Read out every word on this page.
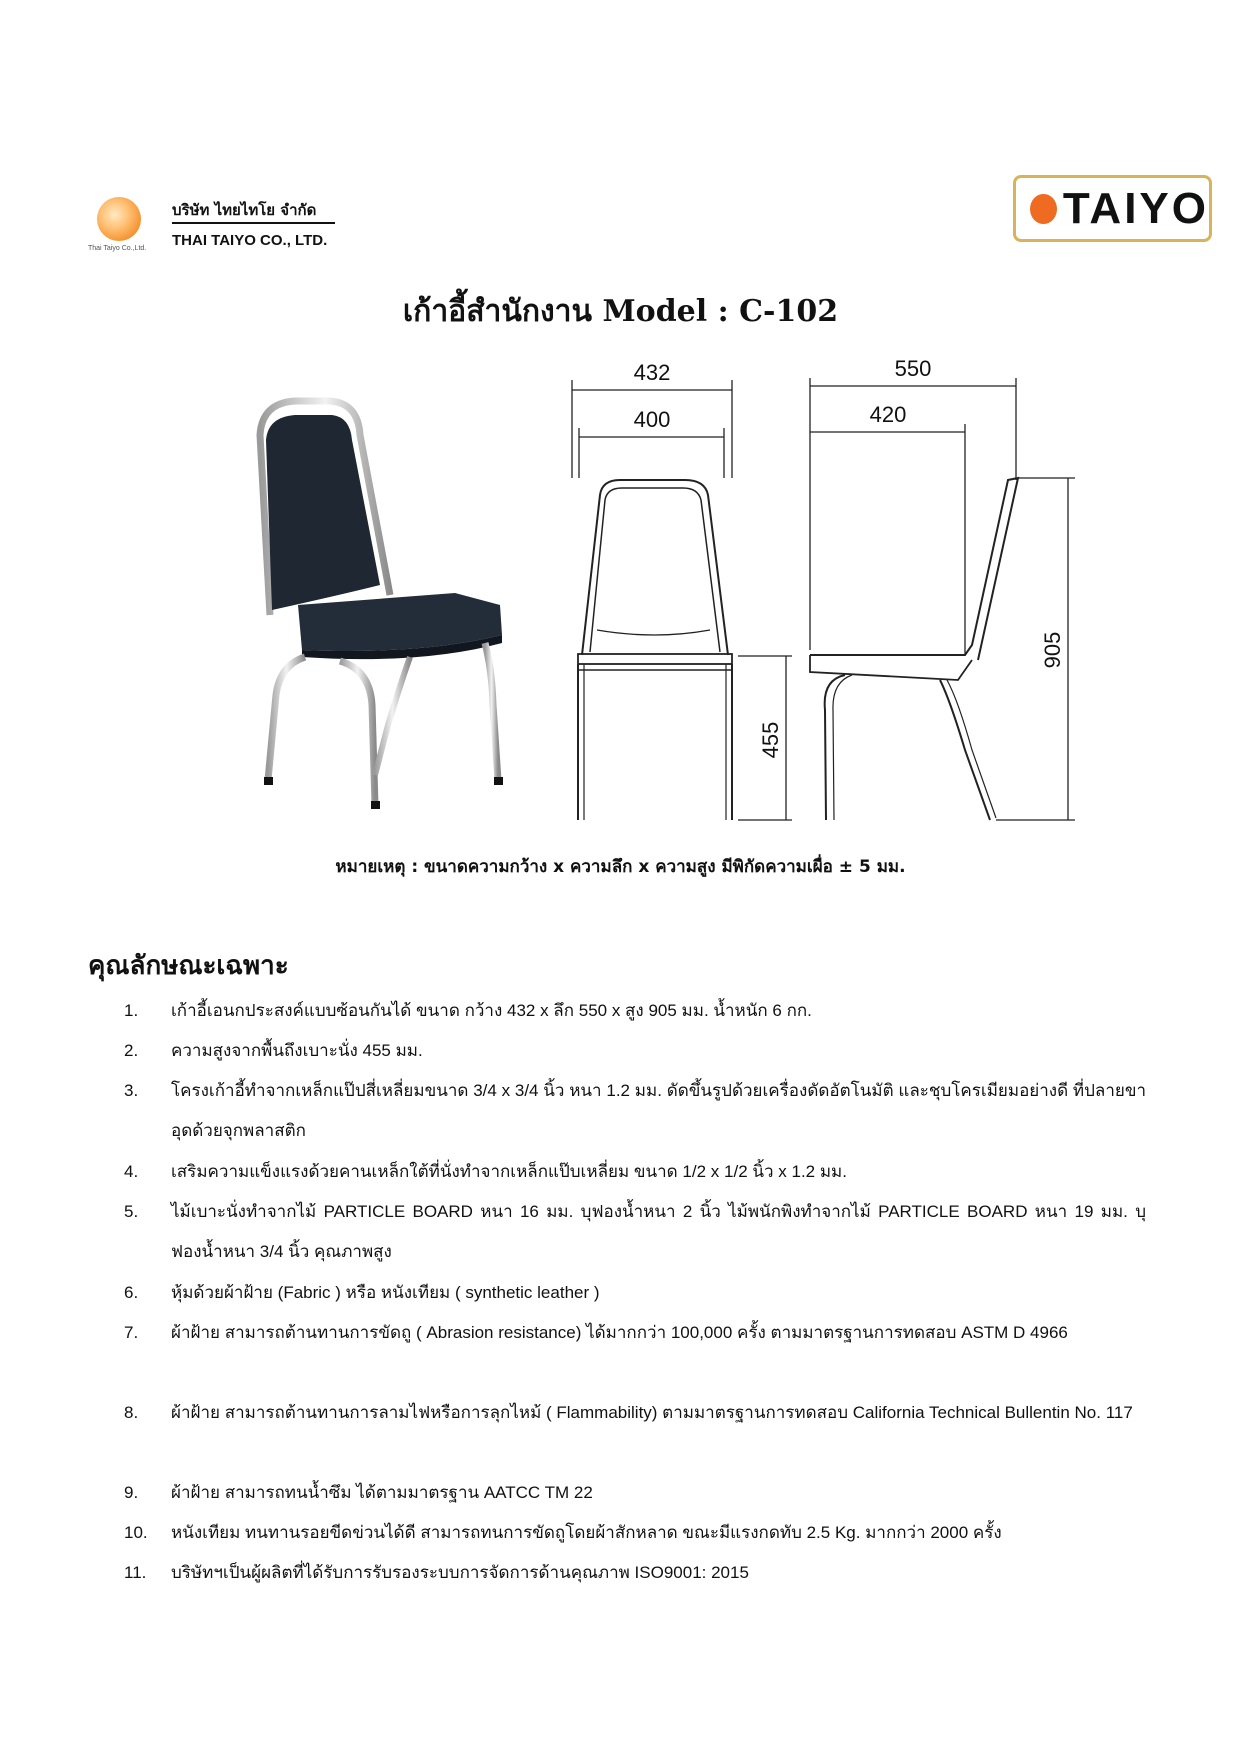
Thai Taiyo Co.,Ltd.
บริษัท ไทยไทโย จำกัด
THAI TAIYO CO., LTD.
TAIYO
เก้าอี้สำนักงาน Model : C-102
432
400
550
420
455
905
หมายเหตุ : ขนาดความกว้าง x ความลึก x ความสูง มีพิกัดความเผื่อ ± 5 มม.
คุณลักษณะเฉพาะ
1.	เก้าอี้เอนกประสงค์แบบซ้อนกันได้ ขนาด กว้าง 432 x ลึก 550 x สูง 905 มม. น้ำหนัก 6 กก.
2.	ความสูงจากพื้นถึงเบาะนั่ง 455 มม.
3.	โครงเก้าอี้ทำจากเหล็กแป๊ปสี่เหลี่ยมขนาด 3/4 x 3/4 นิ้ว หนา 1.2 มม. ดัดขึ้นรูปด้วยเครื่องดัดอัตโนมัติ และชุบโครเมียมอย่างดี ที่ปลายขาอุดด้วยจุกพลาสติก
4.	เสริมความแข็งแรงด้วยคานเหล็กใต้ที่นั่งทำจากเหล็กแป๊บเหลี่ยม ขนาด 1/2 x 1/2 นิ้ว x 1.2 มม.
5.	ไม้เบาะนั่งทำจากไม้ PARTICLE BOARD หนา 16 มม. บุฟองน้ำหนา 2 นิ้ว ไม้พนักพิงทำจากไม้ PARTICLE BOARD หนา 19 มม. บุฟองน้ำหนา 3/4 นิ้ว คุณภาพสูง
6.	หุ้มด้วยผ้าฝ้าย (Fabric ) หรือ หนังเทียม ( synthetic leather )
7.	ผ้าฝ้าย สามารถต้านทานการขัดถู ( Abrasion resistance) ได้มากกว่า 100,000 ครั้ง ตามมาตรฐานการทดสอบ ASTM D 4966
8.	ผ้าฝ้าย สามารถต้านทานการลามไฟหรือการลุกไหม้ ( Flammability) ตามมาตรฐานการทดสอบ California Technical Bullentin No. 117
9.	ผ้าฝ้าย สามารถทนน้ำซึม ได้ตามมาตรฐาน AATCC TM 22
10.	หนังเทียม ทนทานรอยขีดข่วนได้ดี สามารถทนการขัดถูโดยผ้าสักหลาด ขณะมีแรงกดทับ 2.5 Kg. มากกว่า 2000 ครั้ง
11.	บริษัทฯเป็นผู้ผลิตที่ได้รับการรับรองระบบการจัดการด้านคุณภาพ ISO9001: 2015
